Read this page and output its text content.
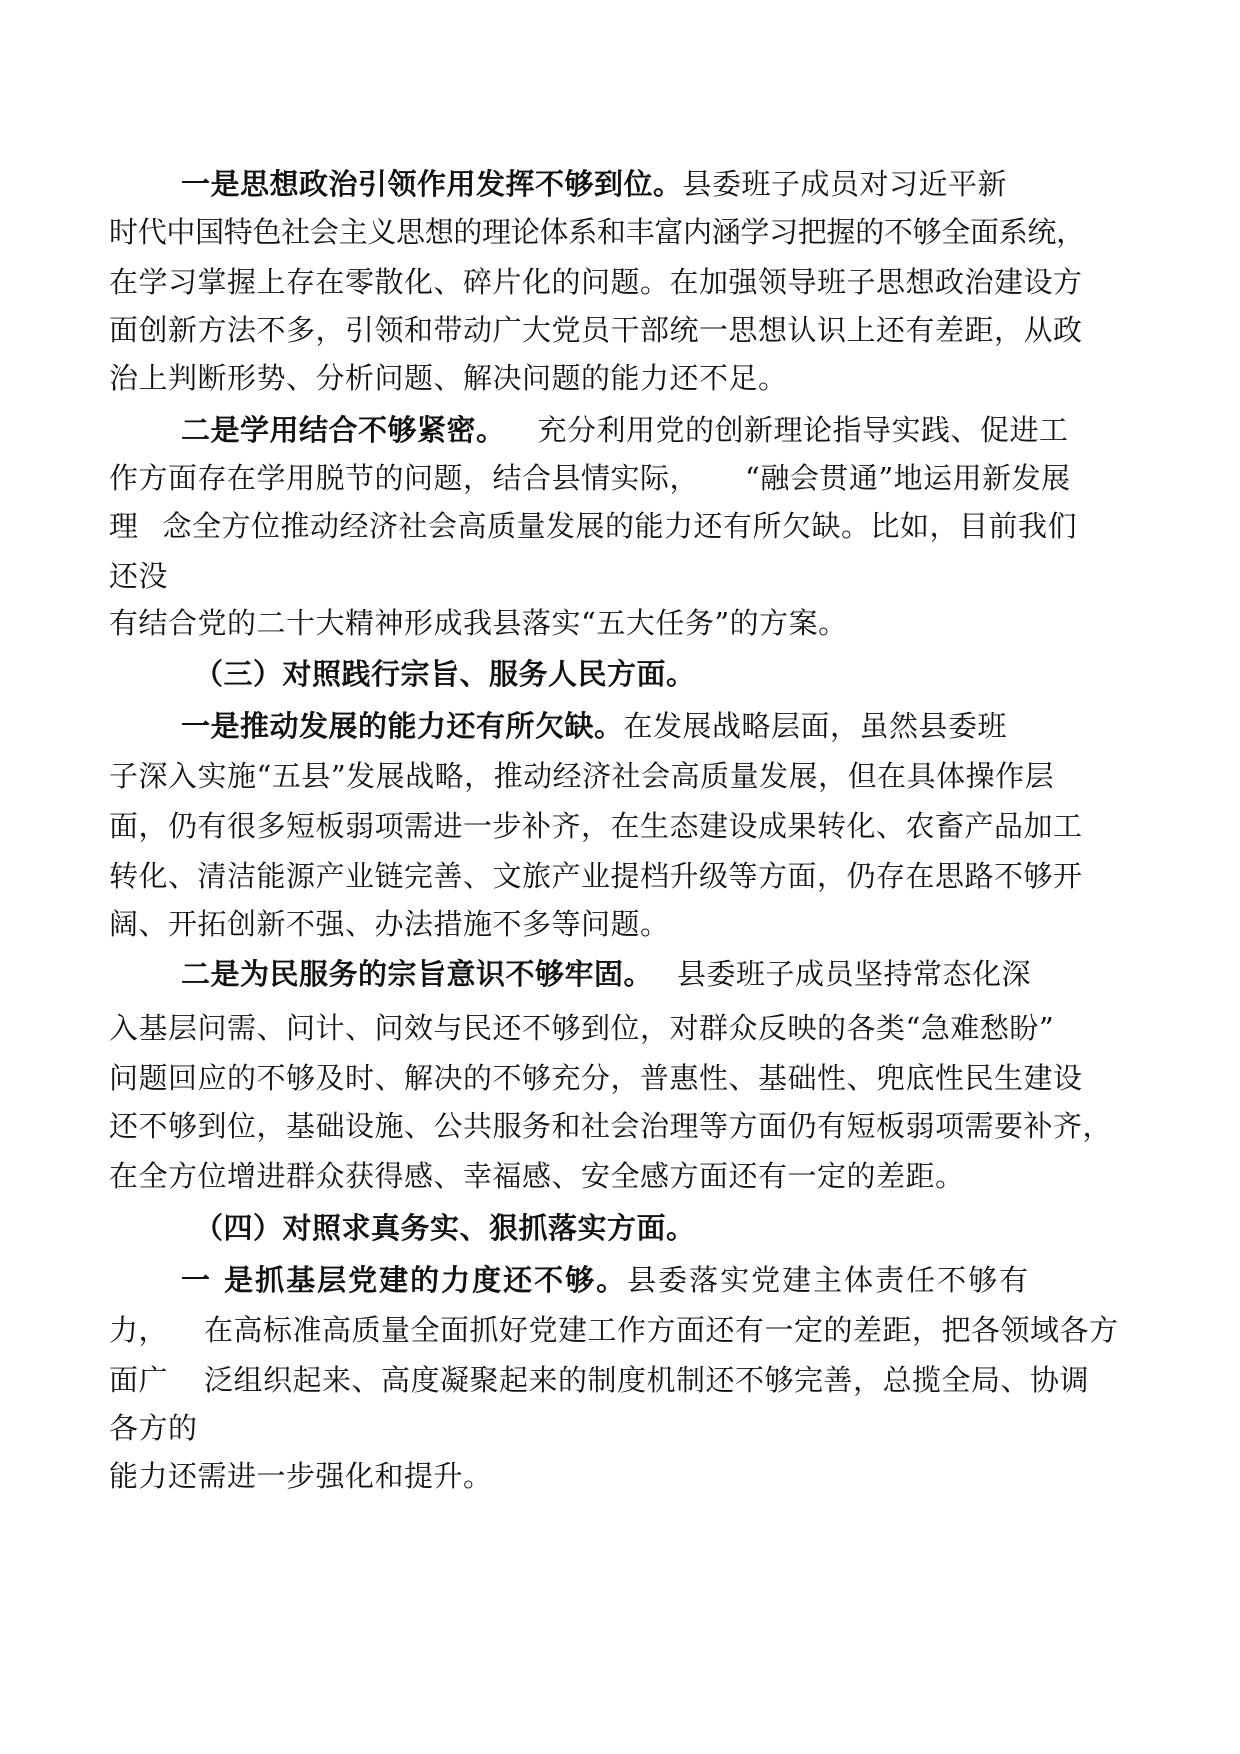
一是思想政治引领作用发挥不够到位。县委班子成员对习近平新

时代中国特色社会主义思想的理论体系和丰富内涵学习把握的不够全面系统，

在学习掌握上存在零散化、碎片化的问题。在加强领导班子思想政治建设方

面创新方法不多，引领和带动广大党员干部统一思想认识上还有差距，从政

治上判断形势、分析问题、解决问题的能力还不足。

二是学用结合不够紧密。 充分利用党的创新理论指导实践、促进工

作方面存在学用脱节的问题，结合县情实际， “融会贯通”地运用新发展

理 念全方位推动经济社会高质量发展的能力还有所欠缺。比如，目前我们

还没

有结合党的二十大精神形成我县落实“五大任务”的方案。

（三）对照践行宗旨、服务人民方面。

一是推动发展的能力还有所欠缺。在发展战略层面，虽然县委班

子深入实施“五县”发展战略，推动经济社会高质量发展，但在具体操作层

面，仍有很多短板弱项需进一步补齐，在生态建设成果转化、农畜产品加工

转化、清洁能源产业链完善、文旅产业提档升级等方面，仍存在思路不够开

阔、开拓创新不强、办法措施不多等问题。

二是为民服务的宗旨意识不够牢固。 县委班子成员坚持常态化深

入基层问需、问计、问效与民还不够到位，对群众反映的各类“急难愁盼”

问题回应的不够及时、解决的不够充分，普惠性、基础性、兜底性民生建设

还不够到位，基础设施、公共服务和社会治理等方面仍有短板弱项需要补齐，

在全方位增进群众获得感、幸福感、安全感方面还有一定的差距。

（四）对照求真务实、狠抓落实方面。

一 是抓基层党建的力度还不够。县委落实党建主体责任不够有

力， 在高标准高质量全面抓好党建工作方面还有一定的差距，把各领域各方

面广 泛组织起来、高度凝聚起来的制度机制还不够完善，总揽全局、协调

各方的

能力还需进一步强化和提升。
